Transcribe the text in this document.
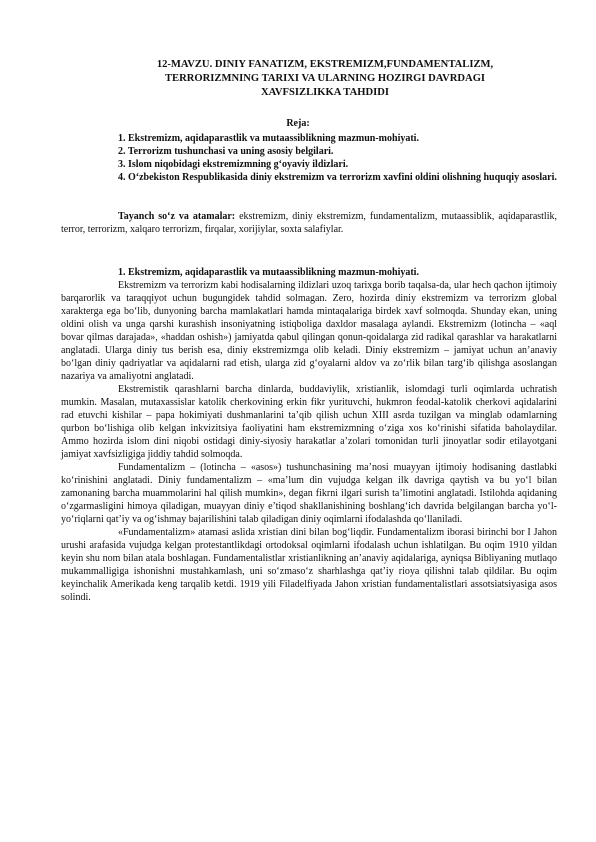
12-MAVZU. DINIY FANATIZM, EKSTREMIZM,FUNDAMENTALIZM,
TERRORIZMNING TARIXI VA ULARNING HOZIRGI DAVRDAGI
XAVFSIZLIKKA TAHDIDI
Reja:
1. Ekstremizm, aqidaparastlik va mutaassiblikning mazmun-mohiyati.
2. Terrorizm tushunchasi va uning asosiy belgilari.
3. Islom niqobidagi ekstremizmning g‘oyaviy ildizlari.
4. O‘zbekiston Respublikasida diniy ekstremizm va terrorizm xavfini oldini olishning huquqiy asoslari.
Tayanch so‘z va atamalar: ekstremizm, diniy ekstremizm, fundamentalizm, mutaassiblik, aqidaparastlik, terror, terrorizm, xalqaro terrorizm, firqalar, xorijiylar, soxta salafiylar.

1. Ekstremizm, aqidaparastlik va mutaassiblikning mazmun-mohiyati.

Ekstremizm va terrorizm kabi hodisalarning ildizlari uzoq tarixga borib taqalsa-da, ular hech qachon ijtimoiy barqarorlik va taraqqiyot uchun bugungidek tahdid solmagan. Zero, hozirda diniy ekstremizm va terrorizm global xarakterga ega bo‘lib, dunyoning barcha mamlakatlari hamda mintaqalariga birdek xavf solmoqda. Shunday ekan, uning oldini olish va unga qarshi kurashish insoniyatning istiqboliga daxldor masalaga aylandi. Ekstremizm (lotincha – «aql bovar qilmas darajada», «haddan oshish») jamiyatda qabul qilingan qonun-qoidalarga zid radikal qarashlar va harakatlarni anglatadi. Ularga diniy tus berish esa, diniy ekstremizmga olib keladi. Diniy ekstremizm – jamiyat uchun an’anaviy bo‘lgan diniy qadriyatlar va aqidalarni rad etish, ularga zid g‘oyalarni aldov va zo‘rlik bilan targ‘ib qilishga asoslangan nazariya va amaliyotni anglatadi.

Ekstremistik qarashlarni barcha dinlarda, buddaviylik, xristianlik, islomdagi turli oqimlarda uchratish mumkin. Masalan, mutaxassislar katolik cherkovining erkin fikr yurituvchi, hukmron feodal-katolik cherkovi aqidalarini rad etuvchi kishilar – papa hokimiyati dushmanlarini ta’qib qilish uchun XIII asrda tuzilgan va minglab odamlarning qurbon bo‘lishiga olib kelgan inkvizitsiya faoliyatini ham ekstremizmning o‘ziga xos ko‘rinishi sifatida baholaydilar. Ammo hozirda islom dini niqobi ostidagi diniy-siyosiy harakatlar a’zolari tomonidan turli jinoyatlar sodir etilayotgani jamiyat xavfsizligiga jiddiy tahdid solmoqda.

Fundamentalizm – (lotincha – «asos») tushunchasining ma’nosi muayyan ijtimoiy hodisaning dastlabki ko‘rinishini anglatadi. Diniy fundamentalizm – «ma’lum din vujudga kelgan ilk davriga qaytish va bu yo‘l bilan zamonaning barcha muammolarini hal qilish mumkin», degan fikrni ilgari surish ta’limotini anglatadi. Istilohda aqidaning o‘zgarmasligini himoya qiladigan, muayyan diniy e’tiqod shakllanishining boshlang‘ich davrida belgilangan barcha yo‘l-yo‘riqlarni qat’iy va og‘ishmay bajarilishini talab qiladigan diniy oqimlarni ifodalashda qo‘llaniladi.

«Fundamentalizm» atamasi aslida xristian dini bilan bog‘liqdir. Fundamentalizm iborasi birinchi bor I Jahon urushi arafasida vujudga kelgan protestantlikdagi ortodoksal oqimlarni ifodalash uchun ishlatilgan. Bu oqim 1910 yildan keyin shu nom bilan atala boshlagan. Fundamentalistlar xristianlikning an’anaviy aqidalariga, ayniqsa Bibliyaning mutlaqo mukammalligiga ishonishni mustahkamlash, uni so‘zmaso‘z sharhlashga qat’iy rioya qilishni talab qildilar. Bu oqim keyinchalik Amerikada keng tarqalib ketdi. 1919 yili Filadelfiyada Jahon xristian fundamentalistlari assotsiatsiyasiga asos solindi.
